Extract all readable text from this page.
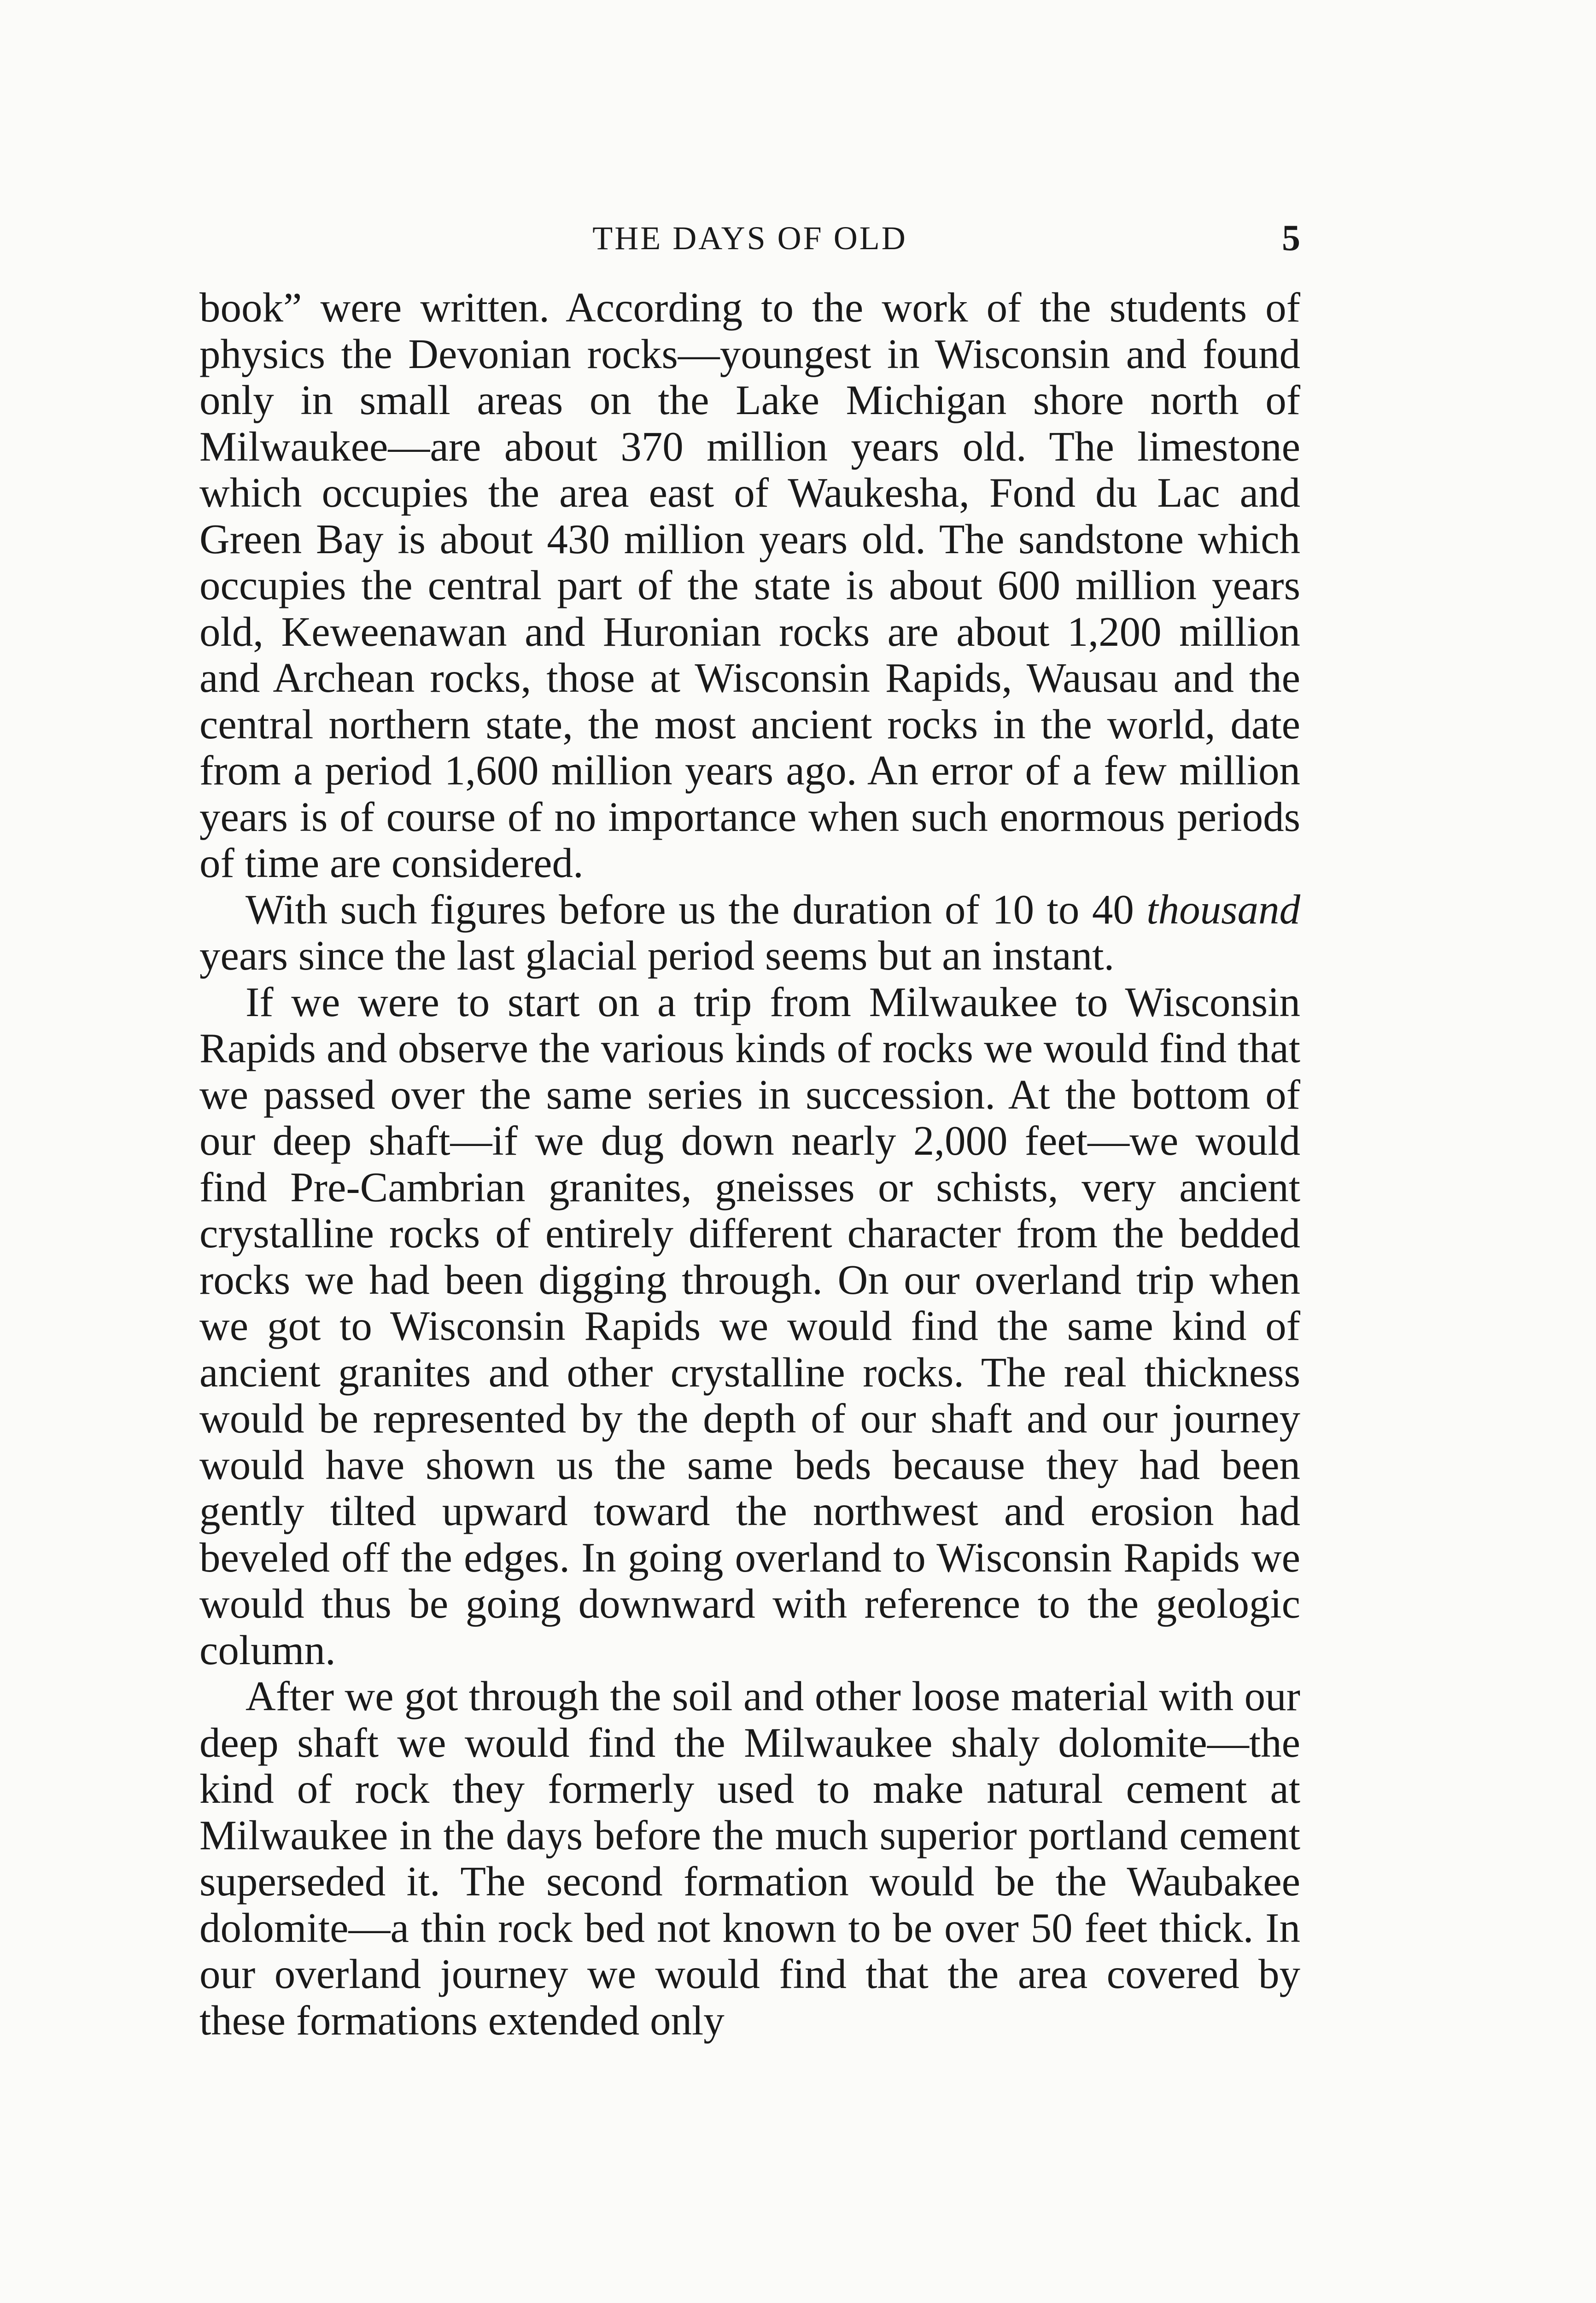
THE DAYS OF OLD	5

book” were written. According to the work of the students of physics the Devonian rocks—youngest in Wisconsin and found only in small areas on the Lake Michigan shore north of Milwaukee—are about 370 million years old. The limestone which occupies the area east of Waukesha, Fond du Lac and Green Bay is about 430 million years old. The sandstone which occupies the central part of the state is about 600 million years old, Keweenawan and Huronian rocks are about 1,200 million and Archean rocks, those at Wisconsin Rapids, Wausau and the central northern state, the most ancient rocks in the world, date from a period 1,600 million years ago. An error of a few million years is of course of no importance when such enormous periods of time are considered.

With such figures before us the duration of 10 to 40 thousand years since the last glacial period seems but an instant.

If we were to start on a trip from Milwaukee to Wisconsin Rapids and observe the various kinds of rocks we would find that we passed over the same series in succession. At the bottom of our deep shaft—if we dug down nearly 2,000 feet—we would find Pre-Cambrian granites, gneisses or schists, very ancient crystalline rocks of entirely different character from the bedded rocks we had been digging through. On our overland trip when we got to Wisconsin Rapids we would find the same kind of ancient granites and other crystalline rocks. The real thickness would be represented by the depth of our shaft and our journey would have shown us the same beds because they had been gently tilted upward toward the northwest and erosion had beveled off the edges. In going overland to Wisconsin Rapids we would thus be going downward with reference to the geologic column.

After we got through the soil and other loose material with our deep shaft we would find the Milwaukee shaly dolomite—the kind of rock they formerly used to make natural cement at Milwaukee in the days before the much superior portland cement superseded it. The second formation would be the Waubakee dolomite—a thin rock bed not known to be over 50 feet thick. In our overland journey we would find that the area covered by these formations extended only
